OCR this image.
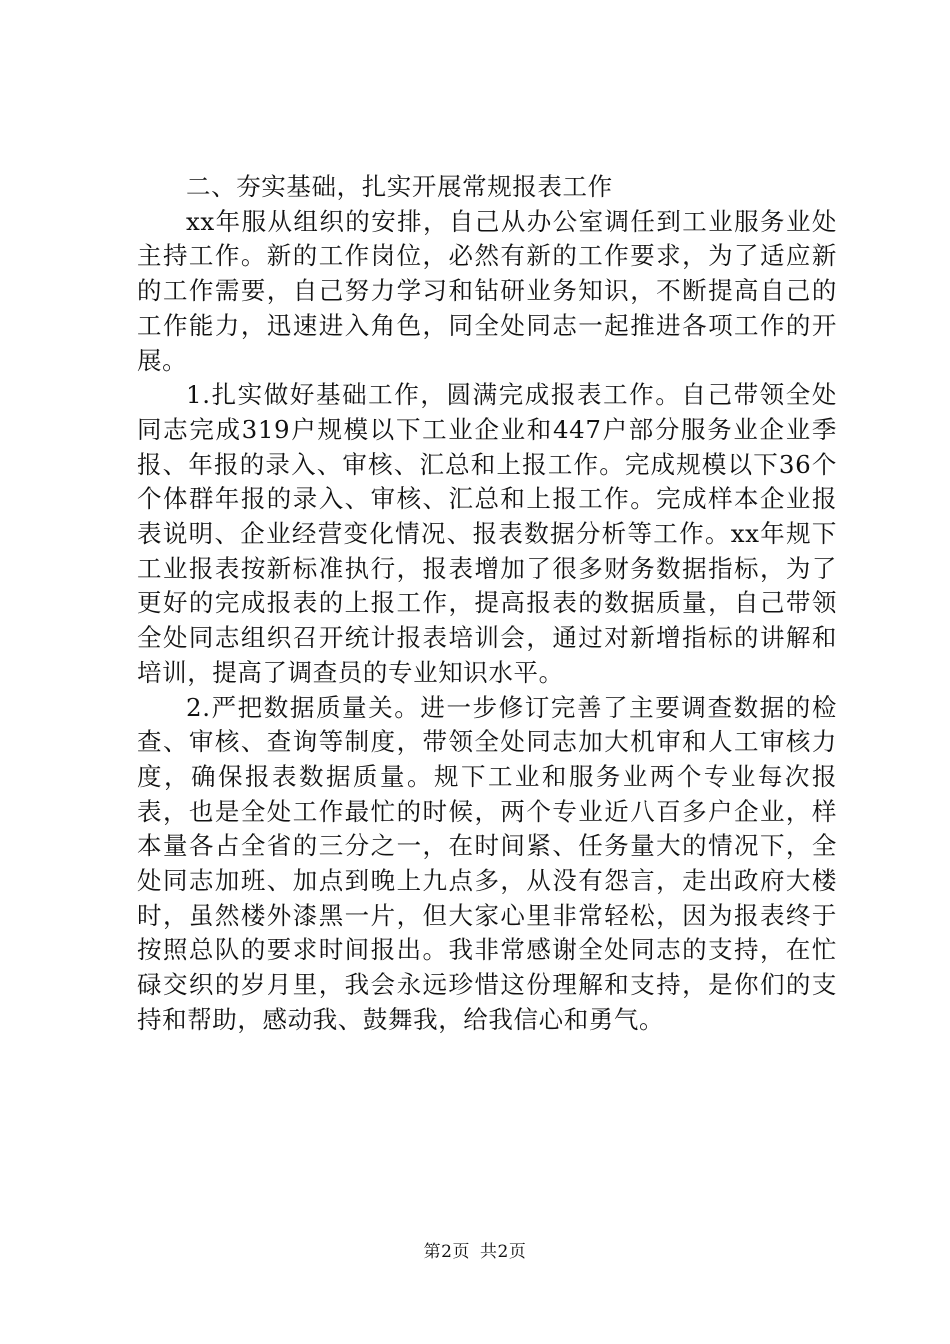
二、夯实基础，扎实开展常规报表工作

xx年服从组织的安排，自己从办公室调任到工业服务业处主持工作。新的工作岗位，必然有新的工作要求，为了适应新的工作需要，自己努力学习和钻研业务知识，不断提高自己的工作能力，迅速进入角色，同全处同志一起推进各项工作的开展。

1.扎实做好基础工作，圆满完成报表工作。自己带领全处同志完成319户规模以下工业企业和447户部分服务业企业季报、年报的录入、审核、汇总和上报工作。完成规模以下36个个体群年报的录入、审核、汇总和上报工作。完成样本企业报表说明、企业经营变化情况、报表数据分析等工作。xx年规下工业报表按新标准执行，报表增加了很多财务数据指标，为了更好的完成报表的上报工作，提高报表的数据质量，自己带领全处同志组织召开统计报表培训会，通过对新增指标的讲解和培训，提高了调查员的专业知识水平。

2.严把数据质量关。进一步修订完善了主要调查数据的检查、审核、查询等制度，带领全处同志加大机审和人工审核力度，确保报表数据质量。规下工业和服务业两个专业每次报表，也是全处工作最忙的时候，两个专业近八百多户企业，样本量各占全省的三分之一，在时间紧、任务量大的情况下，全处同志加班、加点到晚上九点多，从没有怨言，走出政府大楼时，虽然楼外漆黑一片，但大家心里非常轻松，因为报表终于按照总队的要求时间报出。我非常感谢全处同志的支持，在忙碌交织的岁月里，我会永远珍惜这份理解和支持，是你们的支持和帮助，感动我、鼓舞我，给我信心和勇气。

第2页 共2页
